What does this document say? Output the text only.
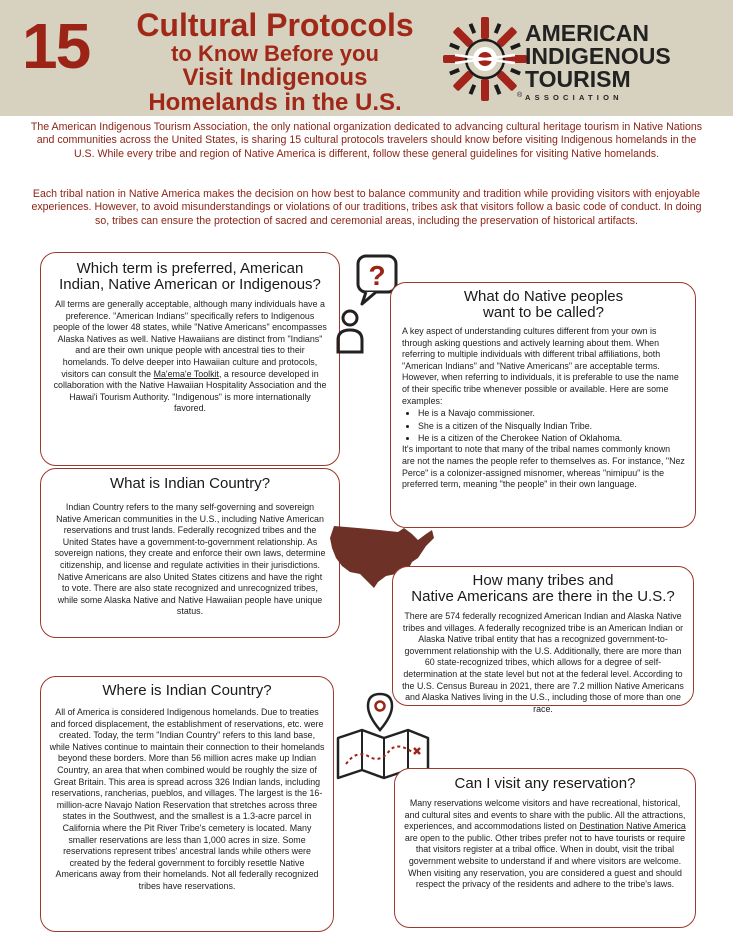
15	Cultural Protocols
to Know Before you
Visit Indigenous
Homelands in the U.S.
AMERICAN
INDIGENOUS
TOURISM
ASSOCIATION
®
The American Indigenous Tourism Association, the only national organization dedicated to advancing cultural heritage tourism in Native Nations and communities across the United States, is sharing 15 cultural protocols travelers should know before visiting Indigenous homelands in the U.S. While every tribe and region of Native America is different, follow these general guidelines for visiting Native homelands.
Each tribal nation in Native America makes the decision on how best to balance community and tradition while providing visitors with enjoyable experiences. However, to avoid misunderstandings or violations of our traditions, tribes ask that visitors follow a basic code of conduct. In doing so, tribes can ensure the protection of sacred and ceremonial areas, including the preservation of historical artifacts.
Which term is preferred, American
Indian, Native American or Indigenous?

All terms are generally acceptable, although many individuals have a preference. "American Indians" specifically refers to Indigenous people of the lower 48 states, while "Native Americans" encompasses Alaska Natives as well. Native Hawaiians are distinct from "Indians" and are their own unique people with ancestral ties to their homelands. To delve deeper into Hawaiian culture and protocols, visitors can consult the Ma'ema'e Toolkit, a resource developed in collaboration with the Native Hawaiian Hospitality Association and the Hawai'i Tourism Authority. "Indigenous" is more internationally favored.

?
What do Native peoples
want to be called?

A key aspect of understanding cultures different from your own is through asking questions and actively learning about them. When referring to multiple individuals with different tribal affiliations, both "American Indians" and "Native Americans" are acceptable terms. However, when referring to individuals, it is preferable to use the name of their specific tribe whenever possible or available. Here are some examples:

• He is a Navajo commissioner.
• She is a citizen of the Nisqually Indian Tribe.
• He is a citizen of the Cherokee Nation of Oklahoma.

It's important to note that many of the tribal names commonly known are not the names the people refer to themselves as. For instance, "Nez Perce" is a colonizer-assigned misnomer, whereas "nimipuu" is the preferred term, meaning "the people" in their own language.

What is Indian Country?

Indian Country refers to the many self-governing and sovereign Native American communities in the U.S., including Native American reservations and trust lands. Federally recognized tribes and the United States have a government-to-government relationship. As sovereign nations, they create and enforce their own laws, determine citizenship, and license and regulate activities in their jurisdictions. Native Americans are also United States citizens and have the right to vote. There are also state recognized and unrecognized tribes, while some Alaska Native and Native Hawaiian people have unique status.

How many tribes and
Native Americans are there in the U.S.?

There are 574 federally recognized American Indian and Alaska Native tribes and villages. A federally recognized tribe is an American Indian or Alaska Native tribal entity that has a recognized government-to-government relationship with the U.S. Additionally, there are more than 60 state-recognized tribes, which allows for a degree of self-determination at the state level but not at the federal level. According to the U.S. Census Bureau in 2021, there are 7.2 million Native Americans and Alaska Natives living in the U.S., including those of more than one race.

Where is Indian Country?

All of America is considered Indigenous homelands. Due to treaties and forced displacement, the establishment of reservations, etc. were created. Today, the term "Indian Country" refers to this land base, while Natives continue to maintain their connection to their homelands beyond these borders. More than 56 million acres make up Indian Country, an area that when combined would be roughly the size of Great Britain. This area is spread across 326 Indian lands, including reservations, rancherias, pueblos, and villages. The largest is the 16-million-acre Navajo Nation Reservation that stretches across three states in the Southwest, and the smallest is a 1.3-acre parcel in California where the Pit River Tribe's cemetery is located. Many smaller reservations are less than 1,000 acres in size. Some reservations represent tribes' ancestral lands while others were created by the federal government to forcibly resettle Native Americans away from their homelands. Not all federally recognized tribes have reservations.

Can I visit any reservation?

Many reservations welcome visitors and have recreational, historical, and cultural sites and events to share with the public. All the attractions, experiences, and accommodations listed on Destination Native America are open to the public. Other tribes prefer not to have tourists or require that visitors register at a tribal office. When in doubt, visit the tribal government website to understand if and where visitors are welcome. When visiting any reservation, you are considered a guest and should respect the privacy of the residents and adhere to the tribe's laws.
